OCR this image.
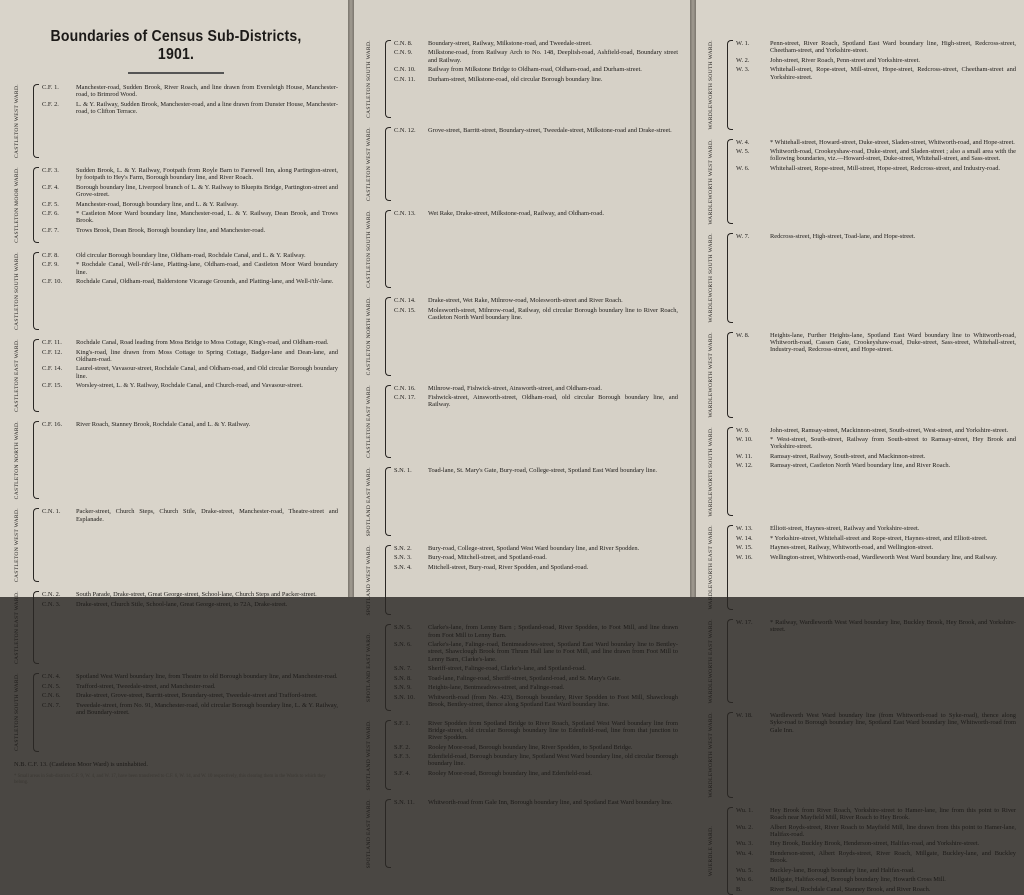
Boundaries of Census Sub-Districts, 1901.
CASTLETON WEST WARD.	C.F. 1.	Manchester-road, Sudden Brook, River Roach, and line drawn from Eversleigh House, Manchester-road, to Brimrod Wood.
C.F. 2.	L. & Y. Railway, Sudden Brook, Manchester-road, and a line drawn from Dunster House, Manchester-road, to Clifton Terrace.
CASTLETON MOOR WARD.	C.F. 3.	Sudden Brook, L. & Y. Railway, Footpath from Royle Barn to Farewell Inn, along Partington-street, by footpath to Hey's Farm, Borough boundary line, and River Roach.
C.F. 4.	Borough boundary line, Liverpool branch of L. & Y. Railway to Bluepits Bridge, Partington-street and Grove-street.
C.F. 5.	Manchester-road, Borough boundary line, and L. & Y. Railway.
C.F. 6.	* Castleton Moor Ward boundary line, Manchester-road, L. & Y. Railway, Dean Brook, and Trows Brook.
C.F. 7.	Trows Brook, Dean Brook, Borough boundary line, and Manchester-road.
CASTLETON SOUTH WARD.	C.F. 8.	Old circular Borough boundary line, Oldham-road, Rochdale Canal, and L. & Y. Railway.
C.F. 9.	* Rochdale Canal, Well-i'th'-lane, Platting-lane, Oldham-road, and Castleton Moor Ward boundary line.
C.F. 10.	Rochdale Canal, Oldham-road, Balderstone Vicarage Grounds, and Platting-lane, and Well-i'th'-lane.
CASTLETON EAST WARD.	C.F. 11.	Rochdale Canal, Road leading from Moss Bridge to Moss Cottage, King's-road, and Oldham-road.
C.F. 12.	King's-road, line drawn from Moss Cottage to Spring Cottage, Badger-lane and Dean-lane, and Oldham-road.
C.F. 14.	Laurel-street, Vavasour-street, Rochdale Canal, and Oldham-road, and Old circular Borough boundary line.
C.F. 15.	Worsley-street, L. & Y. Railway, Rochdale Canal, and Church-road, and Vavasour-street.
CASTLETON NORTH WARD.	C.F. 16.	River Roach, Stanney Brook, Rochdale Canal, and L. & Y. Railway.
CASTLETON WEST WARD.	C.N. 1.	Packer-street, Church Steps, Church Stile, Drake-street, Manchester-road, Theatre-street and Esplanade.
CASTLETON EAST WARD.	C.N. 2.	South Parade, Drake-street, Great George-street, School-lane, Church Steps and Packer-street.
C.N. 3.	Drake-street, Church Stile, School-lane, Great George-street, to 72A, Drake-street.
CASTLETON SOUTH WARD.	C.N. 4.	Spotland West Ward boundary line, from Theatre to old Borough boundary line, and Manchester-road.
C.N. 5.	Trafford-street, Tweedale-street, and Manchester-road.
C.N. 6.	Drake-street, Grove-street, Barritt-street, Boundary-street, Tweedale-street and Trafford-street.
C.N. 7.	Tweedale-street, from No. 91, Manchester-road, old circular Borough boundary line, L. & Y. Railway, and Boundary-street.
N.B. C.F. 13. (Castleton Moor Ward) is uninhabited.
* Small areas in Sub-districts C.F. 9, W. 4, and W. 17, have been transferred to C.F. 6, W. 14, and W. 10 respectively, this clearing them in the Wards to which they belong.
CASTLETON SOUTH WARD.	C.N. 8.	Boundary-street, Railway, Milkstone-road, and Tweedale-street.
C.N. 9.	Milkstone-road, from Railway Arch to No. 148, Deeplish-road, Ashfield-road, Boundary street and Railway.
C.N. 10.	Railway from Milkstone Bridge to Oldham-road, Oldham-road, and Durham-street.
C.N. 11.	Durham-street, Milkstone-road, old circular Borough boundary line.
CASTLETON WEST WARD.	C.N. 12.	Grove-street, Barritt-street, Boundary-street, Tweedale-street, Milkstone-road and Drake-street.
CASTLETON SOUTH WARD.	C.N. 13.	Wet Rake, Drake-street, Milkstone-road, Railway, and Oldham-road.
CASTLETON NORTH WARD.	C.N. 14.	Drake-street, Wet Rake, Milnrow-road, Molesworth-street and River Roach.
C.N. 15.	Molesworth-street, Milnrow-road, Railway, old circular Borough boundary line to River Roach, Castleton North Ward boundary line.
CASTLETON EAST WARD.	C.N. 16.	Milnrow-road, Fishwick-street, Ainsworth-street, and Oldham-road.
C.N. 17.	Fishwick-street, Ainsworth-street, Oldham-road, old circular Borough boundary line, and Railway.
SPOTLAND EAST WARD.	S.N. 1.	Toad-lane, St. Mary's Gate, Bury-road, College-street, Spotland East Ward boundary line.
SPOTLAND WEST WARD.	S.N. 2.	Bury-road, College-street, Spotland West Ward boundary line, and River Spodden.
S.N. 3.	Bury-road, Mitchell-street, and Spotland-road.
S.N. 4.	Mitchell-street, Bury-road, River Spodden, and Spotland-road.
SPOTLAND EAST WARD.
S.N. 5.	Clarke's-lane, from Lenny Barn ; Spotland-road, River Spodden, to Foot Mill, and line drawn from Foot Mill to Lenny Barn.
S.N. 6.	Clarke's-lane, Falinge-road, Bentmeadows-street, Spotland East Ward boundary line to Bentley-street, Shawclough Brook from Thrum Hall lane to Foot Mill, and line drawn from Foot Mill to Lenny Barn, Clarke's-lane.
S.N. 7.	Sheriff-street, Falinge-road, Clarke's-lane, and Spotland-road.
S.N. 8.	Toad-lane, Falinge-road, Sheriff-street, Spotland-road, and St. Mary's Gate.
S.N. 9.	Heights-lane, Bentmeadows-street, and Falinge-road.
S.N. 10.	Whitworth-road (from No. 423), Borough boundary, River Spodden to Foot Mill, Shawclough Brook, Bentley-street, thence along Spotland East Ward boundary line.
SPOTLAND WEST WARD.	S.F. 1.	River Spodden from Spotland Bridge to River Roach, Spotland West Ward boundary line from Bridge-street, old circular Borough boundary line to Edenfield-road, line from that junction to River Spodden.
S.F. 2.	Rooley Moor-road, Borough boundary line, River Spodden, to Spotland Bridge.
S.F. 3.	Edenfield-road, Borough boundary line, Spotland West Ward boundary line, old circular Borough boundary line.
S.F. 4.	Rooley Moor-road, Borough boundary line, and Edenfield-road.
SPOTLAND EAST WARD.	S.N. 11.	Whitworth-road from Gale Inn, Borough boundary line, and Spotland East Ward boundary line.
WARDLEWORTH SOUTH WARD.	W. 1.	Penn-street, River Roach, Spotland East Ward boundary line, High-street, Redcross-street, Cheetham-street, and Yorkshire-street.
W. 2.	John-street, River Roach, Penn-street and Yorkshire-street.
W. 3.	Whitehall-street, Rope-street, Mill-street, Hope-street, Redcross-street, Cheetham-street and Yorkshire-street.
WARDLEWORTH WEST WARD.	W. 4.	* Whitehall-street, Howard-street, Duke-street, Sladen-street, Whitworth-road, and Hope-street.
W. 5.	Whitworth-road, Crookeyshaw-road, Duke-street, and Sladen-street ; also a small area with the following boundaries, viz.—Howard-street, Duke-street, Whitehall-street, and Sass-street.
W. 6.	Whitehall-street, Rope-street, Mill-street, Hope-street, Redcross-street, and Industry-road.
WARDLEWORTH SOUTH WARD.	W. 7.	Redcross-street, High-street, Toad-lane, and Hope-street.
WARDLEWORTH WEST WARD.	W. 8.	Heights-lane, Further Heights-lane, Spotland East Ward boundary line to Whitworth-road, Whitworth-road, Cassen Gate, Crookeyshaw-road, Duke-street, Sass-street, Whitehall-street, Industry-road, Redcross-street, and Hope-street.
WARDLEWORTH SOUTH WARD.	W. 9.	John-street, Ramsay-street, Mackinnon-street, South-street, West-street, and Yorkshire-street.
W. 10.	* West-street, South-street, Railway from South-street to Ramsay-street, Hey Brook and Yorkshire-street.
W. 11.	Ramsay-street, Railway, South-street, and Mackinnon-street.
W. 12.	Ramsay-street, Castleton North Ward boundary line, and River Roach.
WARDLEWORTH EAST WARD.	W. 13.	Elliott-street, Haynes-street, Railway and Yorkshire-street.
W. 14.	* Yorkshire-street, Whitehall-street and Rope-street, Haynes-street, and Elliott-street.
W. 15.	Haynes-street, Railway, Whitworth-road, and Wellington-street.
W. 16.	Wellington-street, Whitworth-road, Wardleworth West Ward boundary line, and Railway.
WARDLEWORTH EAST WARD.	W. 17.	* Railway, Wardleworth West Ward boundary line, Buckley Brook, Hey Brook, and Yorkshire-street.
WARDLEWORTH WEST WARD.	W. 18.	Wardleworth West Ward boundary line (from Whitworth-road to Syke-road), thence along Syke-road to Borough boundary line, Spotland East Ward boundary line, Whitworth-road from Gale Inn.
WUERDLE WARD.
Wu. 1.	Hey Brook from River Roach, Yorkshire-street to Hamer-lane, line from this point to River Roach near Mayfield Mill, River Roach to Hey Brook.
Wu. 2.	Albert Royds-street, River Roach to Mayfield Mill, line drawn from this point to Hamer-lane, Halifax-road.
Wu. 3.	Hey Brook, Buckley Brook, Henderson-street, Halifax-road, and Yorkshire-street.
Wu. 4.	Henderson-street, Albert Royds-street, River Roach, Millgate, Buckley-lane, and Buckley Brook.
Wu. 5.	Buckley-lane, Borough boundary line, and Halifax-road.
Wu. 6.	Millgate, Halifax-road, Borough boundary line, Howarth Cross Mill.
B.	River Beal, Rochdale Canal, Stanney Brook, and River Roach.
